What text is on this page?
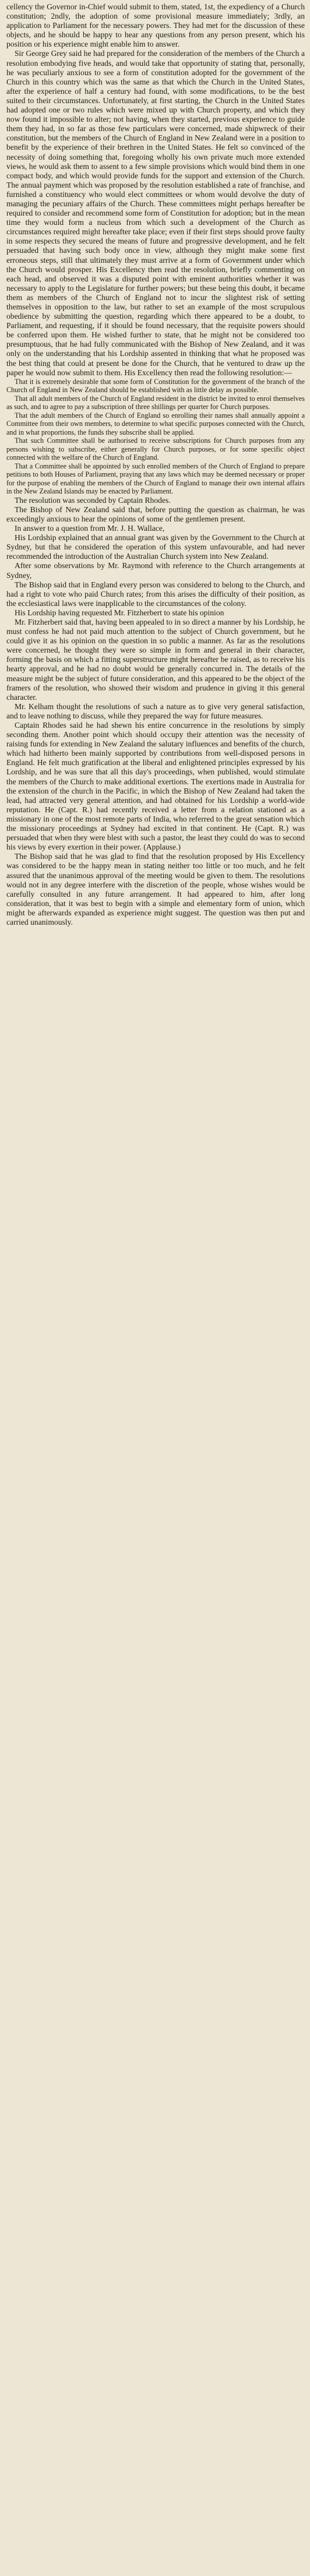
cellency the Governor in-Chief would submit to them, stated, 1st, the expediency of a Church constitution; 2ndly, the adoption of some provisional measure immediately; 3rdly, an application to Parliament for the necessary powers. They had met for the discussion of these objects, and he should be happy to hear any questions from any person present, which his position or his experience might enable him to answer.

Sir George Grey said he had prepared for the consideration of the members of the Church a resolution embodying five heads, and would take that opportunity of stating that, personally, he was peculiarly anxious to see a form of constitution adopted for the government of the Church in this country which was the same as that which the Church in the United States, after the experience of half a century had found, with some modifications, to be the best suited to their circumstances. Unfortunately, at first starting, the Church in the United States had adopted one or two rules which were mixed up with Church property, and which they now found it impossible to alter; not having, when they started, previous experience to guide them they had, in so far as those few particulars were concerned, made shipwreck of their constitution, but the members of the Church of England in New Zealand were in a position to benefit by the experience of their brethren in the United States. He felt so convinced of the necessity of doing something that, foregoing wholly his own private much more extended views, he would ask them to assent to a few simple provisions which would bind them in one compact body, and which would provide funds for the support and extension of the Church. The annual payment which was proposed by the resolution established a rate of franchise, and furnished a constituency who would elect committees or whom would devolve the duty of managing the pecuniary affairs of the Church. These committees might perhaps hereafter be required to consider and recommend some form of Constitution for adoption; but in the mean time they would form a nucleus from which such a development of the Church as circumstances required might hereafter take place; even if their first steps should prove faulty in some respects they secured the means of future and progressive development, and he felt persuaded that having such body once in view, although they might make some first erroneous steps, still that ultimately they must arrive at a form of Government under which the Church would prosper. His Excellency then read the resolution, briefly commenting on each head, and observed it was a disputed point with eminent authorities whether it was necessary to apply to the Legislature for further powers; but these being this doubt, it became them as members of the Church of England not to incur the slightest risk of setting themselves in opposition to the law, but rather to set an example of the most scrupulous obedience by submitting the question, regarding which there appeared to be a doubt, to Parliament, and requesting, if it should be found necessary, that the requisite powers should be conferred upon them. He wished further to state, that he might not be considered too presumptuous, that he had fully communicated with the Bishop of New Zealand, and it was only on the understanding that his Lordship assented in thinking that what he proposed was the best thing that could at present be done for the Church, that he ventured to draw up the paper he would now submit to them. His Excellency then read the following resolution:—

That it is extremely desirable that some form of Constitution for the government of the branch of the Church of England in New Zealand should be established with as little delay as possible.

That all adult members of the Church of England resident in the district be invited to enrol themselves as such, and to agree to pay a subscription of three shillings per quarter for Church purposes.

That the adult members of the Church of England so enrolling their names shall annually appoint a Committee from their own members, to determine to what specific purposes connected with the Church, and in what proportions, the funds they subscribe shall be applied.

That such Committee shall be authorised to receive subscriptions for Church purposes from any persons wishing to subscribe, either generally for Church purposes, or for some specific object connected with the welfare of the Church of England.

That a Committee shall be appointed by such enrolled members of the Church of England to prepare petitions to both Houses of Parliament, praying that any laws which may be deemed necessary or proper for the purpose of enabling the members of the Church of England to manage their own internal affairs in the New Zealand Islands may be enacted by Parliament.

The resolution was seconded by Captain Rhodes.

The Bishop of New Zealand said that, before putting the question as chairman, he was exceedingly anxious to hear the opinions of some of the gentlemen present.

In answer to a question from Mr. J. H. Wallace,

His Lordship explained that an annual grant was given by the Government to the Church at Sydney, but that he considered the operation of this system unfavourable, and had never recommended the introduction of the Australian Church system into New Zealand.

After some observations by Mr. Raymond with reference to the Church arrangements at Sydney,

The Bishop said that in England every person was considered to belong to the Church, and had a right to vote who paid Church rates; from this arises the difficulty of their position, as the ecclesiastical laws were inapplicable to the circumstances of the colony.

His Lordship having requested Mr. Fitzherbert to state his opinion

Mr. Fitzherbert said that, having been appealed to in so direct a manner by his Lordship, he must confess he had not paid much attention to the subject of Church government, but he could give it as his opinion on the question in so public a manner. As far as the resolutions were concerned, he thought they were so simple in form and general in their character, forming the basis on which a fitting superstructure might hereafter be raised, as to receive his hearty approval, and he had no doubt would be generally concurred in. The details of the measure might be the subject of future consideration, and this appeared to be the object of the framers of the resolution, who showed their wisdom and prudence in giving it this general character.

Mr. Kelham thought the resolutions of such a nature as to give very general satisfaction, and to leave nothing to discuss, while they prepared the way for future measures.

Captain Rhodes said he had shewn his entire concurrence in the resolutions by simply seconding them. Another point which should occupy their attention was the necessity of raising funds for extending in New Zealand the salutary influences and benefits of the church, which had hitherto been mainly supported by contributions from well-disposed persons in England. He felt much gratification at the liberal and enlightened principles expressed by his Lordship, and he was sure that all this day's proceedings, when published, would stimulate the members of the Church to make additional exertions. The exertions made in Australia for the extension of the church in the Pacific, in which the Bishop of New Zealand had taken the lead, had attracted very general attention, and had obtained for his Lordship a world-wide reputation. He (Capt. R.) had recently received a letter from a relation stationed as a missionary in one of the most remote parts of India, who referred to the great sensation which the missionary proceedings at Sydney had excited in that continent. He (Capt. R.) was persuaded that when they were blest with such a pastor, the least they could do was to second his views by every exertion in their power. (Applause.)

The Bishop said that he was glad to find that the resolution proposed by His Excellency was considered to be the happy mean in stating neither too little or too much, and he felt assured that the unanimous approval of the meeting would be given to them. The resolutions would not in any degree interfere with the discretion of the people, whose wishes would be carefully consulted in any future arrangement. It had appeared to him, after long consideration, that it was best to begin with a simple and elementary form of union, which might be afterwards expanded as experience might suggest. The question was then put and carried unanimously.
